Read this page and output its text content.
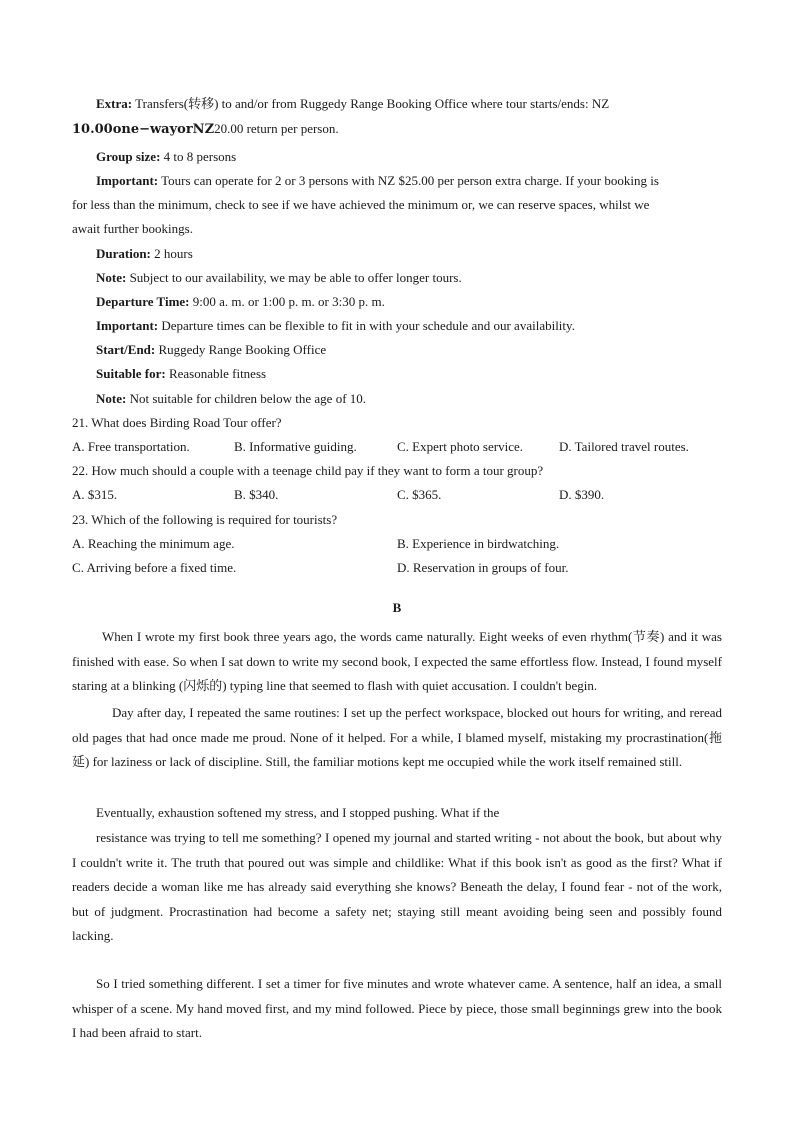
Extra: Transfers(转移) to and/or from Ruggedy Range Booking Office where tour starts/ends: NZ
10.00one−wayorNZ20.00 return per person.
Group size: 4 to 8 persons
Important: Tours can operate for 2 or 3 persons with NZ $25.00 per person extra charge. If your booking is
for less than the minimum, check to see if we have achieved the minimum or, we can reserve spaces, whilst we
await further bookings.
Duration: 2 hours
Note: Subject to our availability, we may be able to offer longer tours.
Departure Time: 9:00 a. m. or 1:00 p. m. or 3:30 p. m.
Important: Departure times can be flexible to fit in with your schedule and our availability.
Start/End: Ruggedy Range Booking Office
Suitable for: Reasonable fitness
Note: Not suitable for children below the age of 10.
21. What does Birding Road Tour offer?
A. Free transportation.	B. Informative guiding.	C. Expert photo service.	D. Tailored travel routes.
22. How much should a couple with a teenage child pay if they want to form a tour group?
A. $315.	B. $340.	C. $365.	D. $390.
23. Which of the following is required for tourists?
A. Reaching the minimum age.	B. Experience in birdwatching.
C. Arriving before a fixed time.	D. Reservation in groups of four.
B
When I wrote my first book three years ago, the words came naturally. Eight weeks of even rhythm(节奏) and it was finished with ease. So when I sat down to write my second book, I expected the same effortless flow. Instead, I found myself staring at a blinking (闪烁的) typing line that seemed to flash with quiet accusation. I couldn't begin.
Day after day, I repeated the same routines: I set up the perfect workspace, blocked out hours for writing, and reread old pages that had once made me proud. None of it helped. For a while, I blamed myself, mistaking my procrastination(拖延) for laziness or lack of discipline. Still, the familiar motions kept me occupied while the work itself remained still.
Eventually, exhaustion softened my stress, and I stopped pushing. What if the
resistance was trying to tell me something? I opened my journal and started writing - not about the book, but about why I couldn't write it. The truth that poured out was simple and childlike: What if this book isn't as good as the first? What if readers decide a woman like me has already said everything she knows? Beneath the delay, I found fear - not of the work, but of judgment. Procrastination had become a safety net; staying still meant avoiding being seen and possibly found lacking.
So I tried something different. I set a timer for five minutes and wrote whatever came. A sentence, half an idea, a small whisper of a scene. My hand moved first, and my mind followed. Piece by piece, those small beginnings grew into the book I had been afraid to start.
